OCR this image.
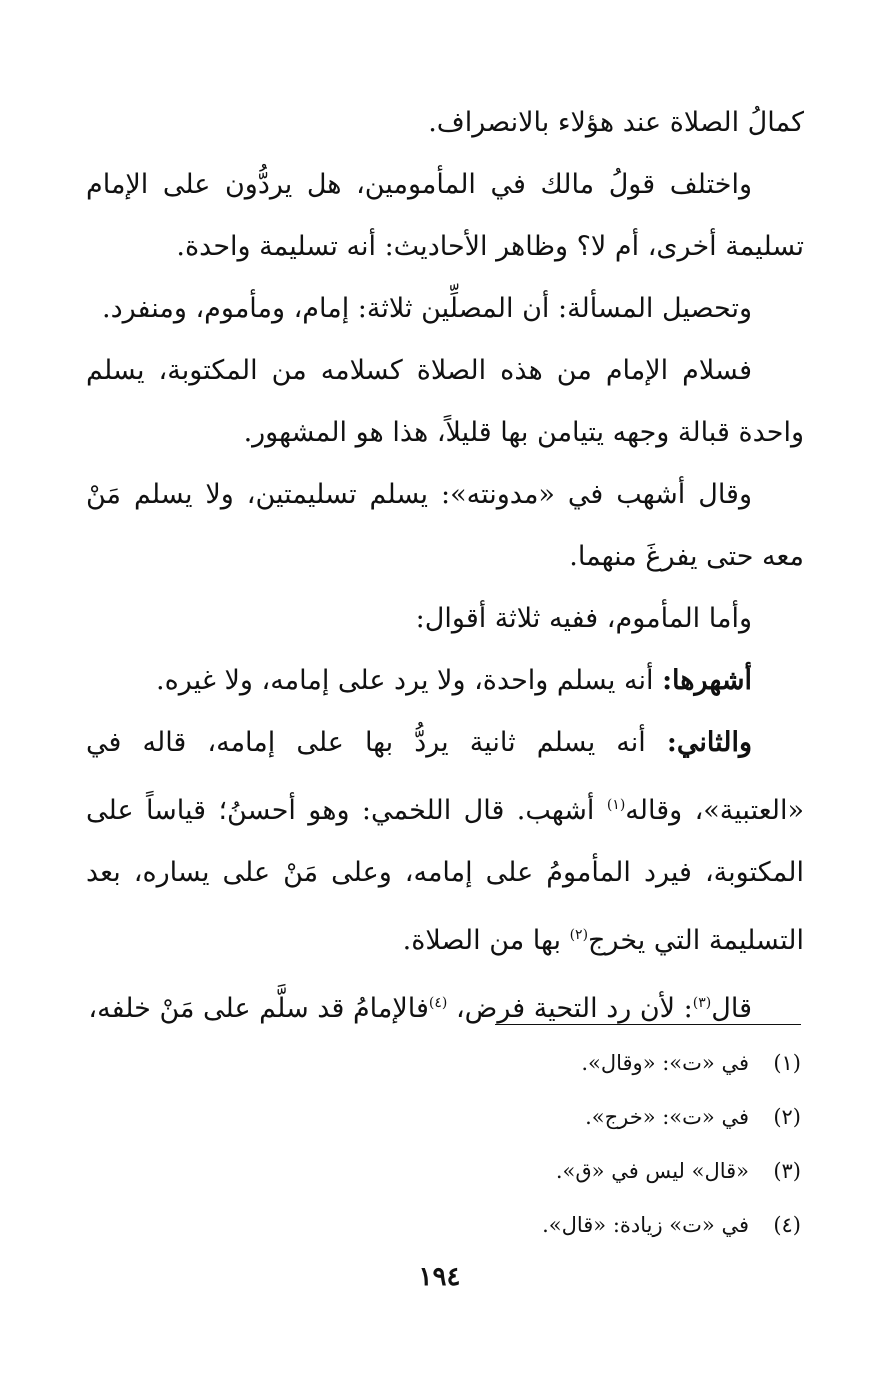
كمالُ الصلاة عند هؤلاء بالانصراف.

واختلف قولُ مالك في المأمومين، هل يردُّون على الإمام تسليمة أخرى، أم لا؟ وظاهر الأحاديث: أنه تسليمة واحدة.

وتحصيل المسألة: أن المصلِّين ثلاثة: إمام، ومأموم، ومنفرد.

فسلام الإمام من هذه الصلاة كسلامه من المكتوبة، يسلم واحدة قبالة وجهه يتيامن بها قليلاً، هذا هو المشهور.

وقال أشهب في «مدونته»: يسلم تسليمتين، ولا يسلم مَنْ معه حتى يفرغَ منهما.

وأما المأموم، ففيه ثلاثة أقوال:

أشهرها: أنه يسلم واحدة، ولا يرد على إمامه، ولا غيره.

والثاني: أنه يسلم ثانية يردُّ بها على إمامه، قاله في «العتبية»، وقاله$^{(١)}$ أشهب. قال اللخمي: وهو أحسنُ؛ قياساً على المكتوبة، فيرد المأمومُ على إمامه، وعلى مَنْ على يساره، بعد التسليمة التي يخرج$^{(٢)}$ بها من الصلاة.

قال$^{(٣)}$: لأن رد التحية فرض، $^{(٤)}$فالإمامُ قد سلَّم على مَنْ خلفه،

(١)
في «ت»: «وقال».
(٢)
في «ت»: «خرج».
(٣)
«قال» ليس في «ق».
(٤)
في «ت» زيادة: «قال».
١٩٤
